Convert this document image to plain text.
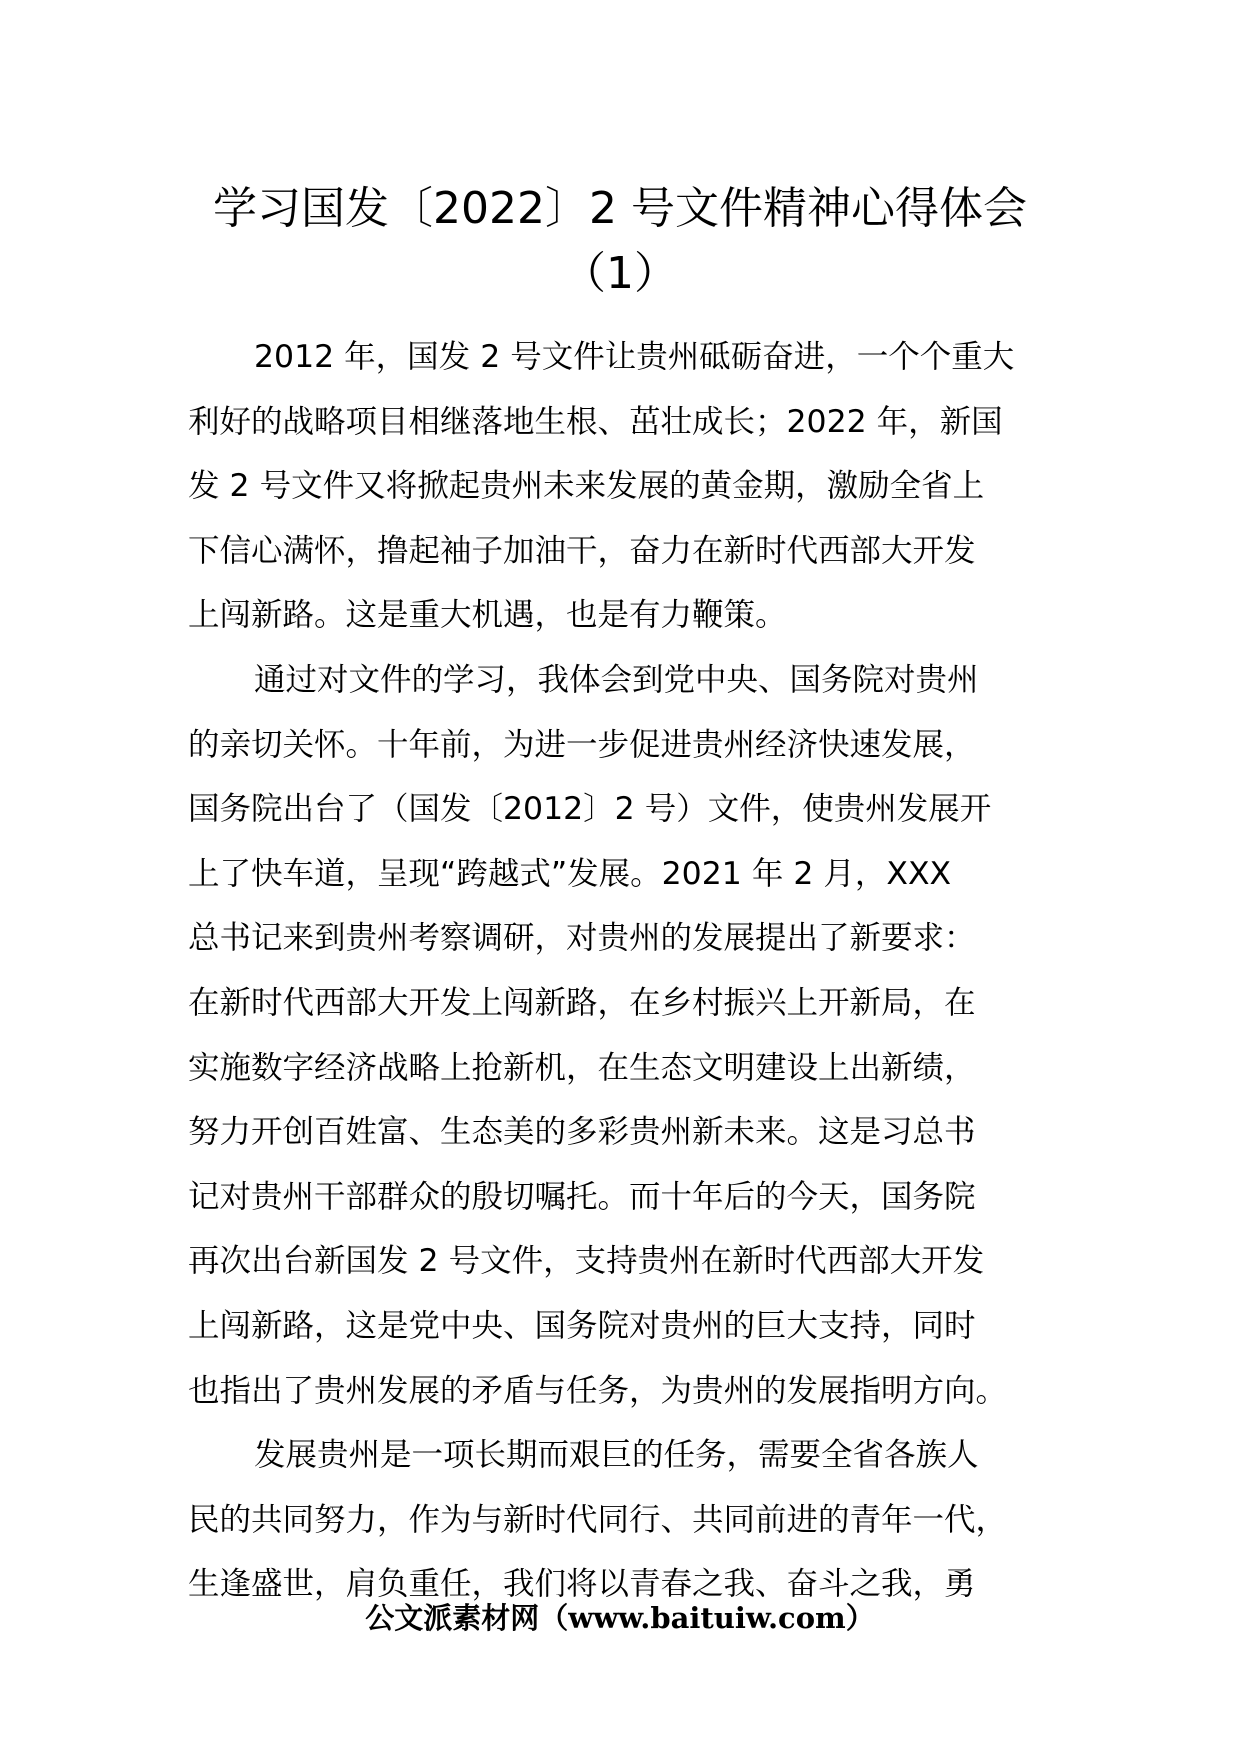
学习国发〔2022〕2 号文件精神心得体会
（1）
2012 年，国发 2 号文件让贵州砥砺奋进，一个个重大
利好的战略项目相继落地生根、茁壮成长；2022 年，新国
发 2 号文件又将掀起贵州未来发展的黄金期，激励全省上
下信心满怀，撸起袖子加油干，奋力在新时代西部大开发
上闯新路。这是重大机遇，也是有力鞭策。
通过对文件的学习，我体会到党中央、国务院对贵州
的亲切关怀。十年前，为进一步促进贵州经济快速发展，
国务院出台了（国发〔2012〕2 号）文件，使贵州发展开
上了快车道，呈现“跨越式”发展。2021 年 2 月，XXX
总书记来到贵州考察调研，对贵州的发展提出了新要求：
在新时代西部大开发上闯新路，在乡村振兴上开新局，在
实施数字经济战略上抢新机，在生态文明建设上出新绩，
努力开创百姓富、生态美的多彩贵州新未来。这是习总书
记对贵州干部群众的殷切嘱托。而十年后的今天，国务院
再次出台新国发 2 号文件，支持贵州在新时代西部大开发
上闯新路，这是党中央、国务院对贵州的巨大支持，同时
也指出了贵州发展的矛盾与任务，为贵州的发展指明方向。
发展贵州是一项长期而艰巨的任务，需要全省各族人
民的共同努力，作为与新时代同行、共同前进的青年一代，
生逢盛世，肩负重任，我们将以青春之我、奋斗之我，勇
公文派素材网（www.baituiw.com）
